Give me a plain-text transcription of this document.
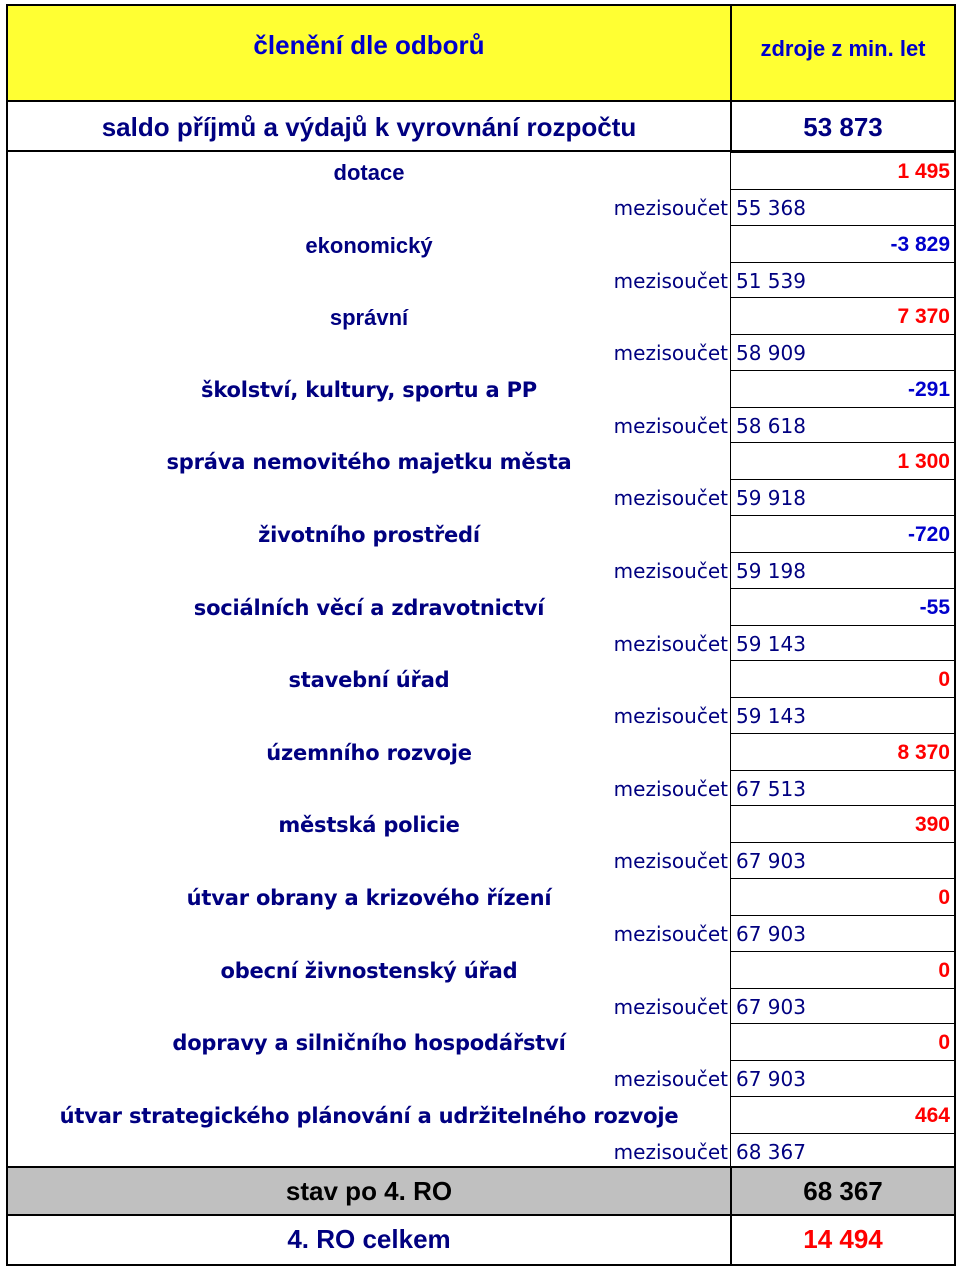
členění dle odborů	zdroje z min. let
saldo příjmů a výdajů k vyrovnání rozpočtu	53 873
dotace	1 495
mezisoučet 55 368
ekonomický	-3 829
mezisoučet 51 539
správní	7 370
mezisoučet 58 909
školství, kultury, sportu a PP	-291
mezisoučet 58 618
správa nemovitého majetku města	1 300
mezisoučet 59 918
životního prostředí	-720
mezisoučet 59 198
sociálních věcí a zdravotnictví	-55
mezisoučet 59 143
stavební úřad	0
mezisoučet 59 143
územního rozvoje	8 370
mezisoučet 67 513
městská policie	390
mezisoučet 67 903
útvar obrany a krizového řízení	0
mezisoučet 67 903
obecní živnostenský úřad	0
mezisoučet 67 903
dopravy a silničního hospodářství	0
mezisoučet 67 903
útvar strategického plánování a udržitelného rozvoje	464
mezisoučet 68 367
stav po 4. RO	68 367
4. RO celkem	14 494
